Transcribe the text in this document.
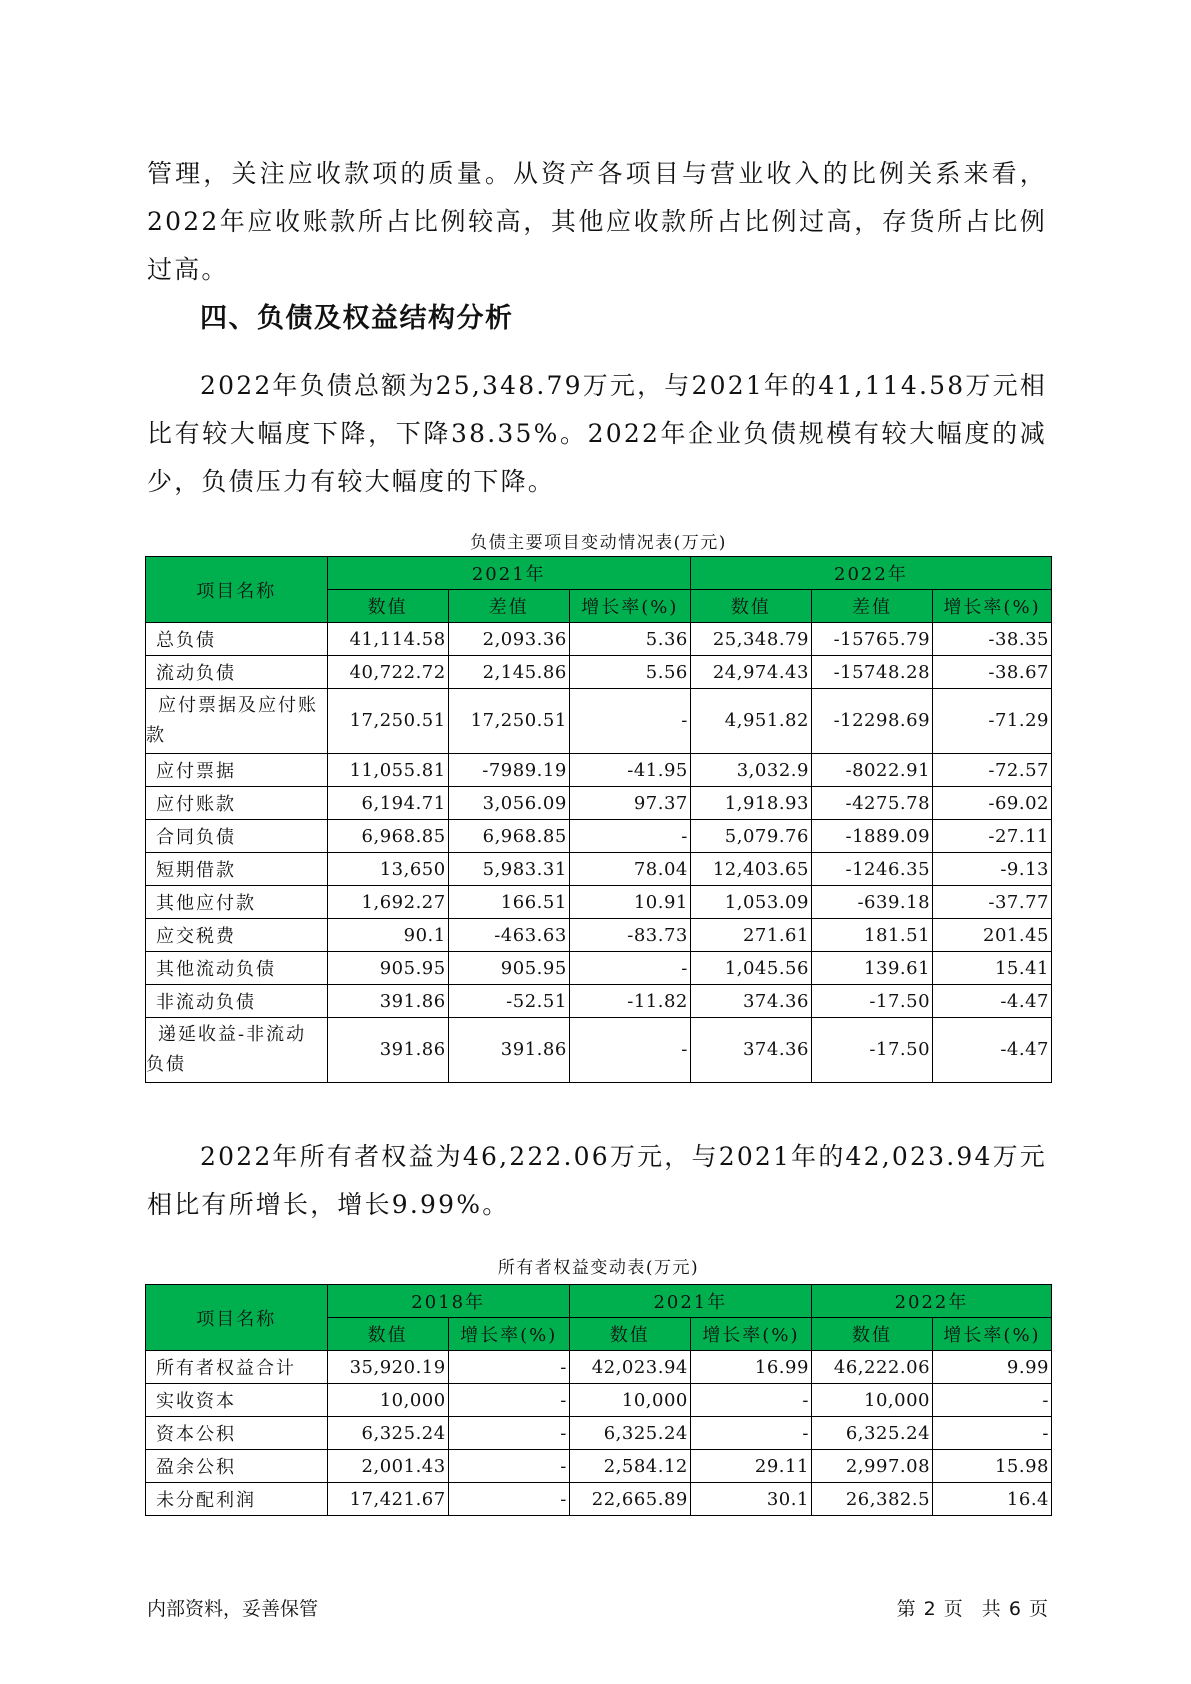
管理，关注应收款项的质量。从资产各项目与营业收入的比例关系来看，2022年应收账款所占比例较高，其他应收款所占比例过高，存货所占比例过高。

四、负债及权益结构分析

2022年负债总额为25,348.79万元，与2021年的41,114.58万元相比有较大幅度下降，下降38.35%。2022年企业负债规模有较大幅度的减少，负债压力有较大幅度的下降。

负债主要项目变动情况表(万元)
项目名称	2021年			2022年		
	数值	差值	增长率(%)	数值	差值	增长率(%)
总负债	41,114.58	2,093.36	5.36	25,348.79	-15765.79	-38.35
流动负债	40,722.72	2,145.86	5.56	24,974.43	-15748.28	-38.67
应付票据及应付账款	17,250.51	17,250.51	-	4,951.82	-12298.69	-71.29
应付票据	11,055.81	-7989.19	-41.95	3,032.9	-8022.91	-72.57
应付账款	6,194.71	3,056.09	97.37	1,918.93	-4275.78	-69.02
合同负债	6,968.85	6,968.85	-	5,079.76	-1889.09	-27.11
短期借款	13,650	5,983.31	78.04	12,403.65	-1246.35	-9.13
其他应付款	1,692.27	166.51	10.91	1,053.09	-639.18	-37.77
应交税费	90.1	-463.63	-83.73	271.61	181.51	201.45
其他流动负债	905.95	905.95	-	1,045.56	139.61	15.41
非流动负债	391.86	-52.51	-11.82	374.36	-17.50	-4.47
递延收益-非流动负债	391.86	391.86	-	374.36	-17.50	-4.47

2022年所有者权益为46,222.06万元，与2021年的42,023.94万元相比有所增长，增长9.99%。

所有者权益变动表(万元)
项目名称	2018年		2021年		2022年	
	数值	增长率(%)	数值	增长率(%)	数值	增长率(%)
所有者权益合计	35,920.19	-	42,023.94	16.99	46,222.06	9.99
实收资本	10,000	-	10,000	-	10,000	-
资本公积	6,325.24	-	6,325.24	-	6,325.24	-
盈余公积	2,001.43	-	2,584.12	29.11	2,997.08	15.98
未分配利润	17,421.67	-	22,665.89	30.1	26,382.5	16.4
内部资料，妥善保管	第 2 页　共 6 页
